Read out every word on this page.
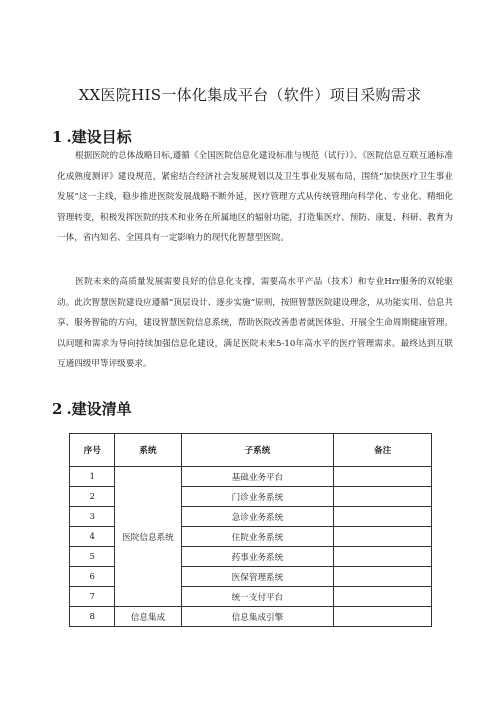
XX医院HIS一体化集成平台（软件）项目采购需求
1 .建设目标

根据医院的总体战略目标,遵循《全国医院信息化建设标准与规范（试行）》、《医院信息互联互通标准化成熟度测评》建设规范，紧密结合经济社会发展规划以及卫生事业发展布局，围绕“加快医疗卫生事业发展”这一主线，稳步推进医院发展战略不断外延，医疗管理方式从传统管理向科学化、专业化、精细化管理转变，积极发挥医院的技术和业务在所属地区的辐射功能，打造集医疗、预防、康复、科研、教育为一体，省内知名、全国具有一定影响力的现代化智慧型医院。

医院未来的高质量发展需要良好的信息化支撑，需要高水平产品（技术）和专业Hrr服务的双轮驱动。此次智慧医院建设应遵循“顶层设计、逐步实施”原则，按照智慧医院建设理念，从功能实用、信息共享、服务智能的方向，建设智慧医院信息系统，帮助医院改善患者就医体验、开展全生命周期健康管理。以问题和需求为导向持续加强信息化建设，满足医院未来5-10年高水平的医疗管理需求。最终达到互联互通四级甲等评级要求。

2 .建设清单
序号	系统	子系统	备注
1	医院信息系统	基础业务平台	
2		门诊业务系统	
3		急诊业务系统	
4		住院业务系统	
5		药事业务系统	
6		医保管理系统	
7		统一支付平台	
8	信息集成	信息集成引擎	
